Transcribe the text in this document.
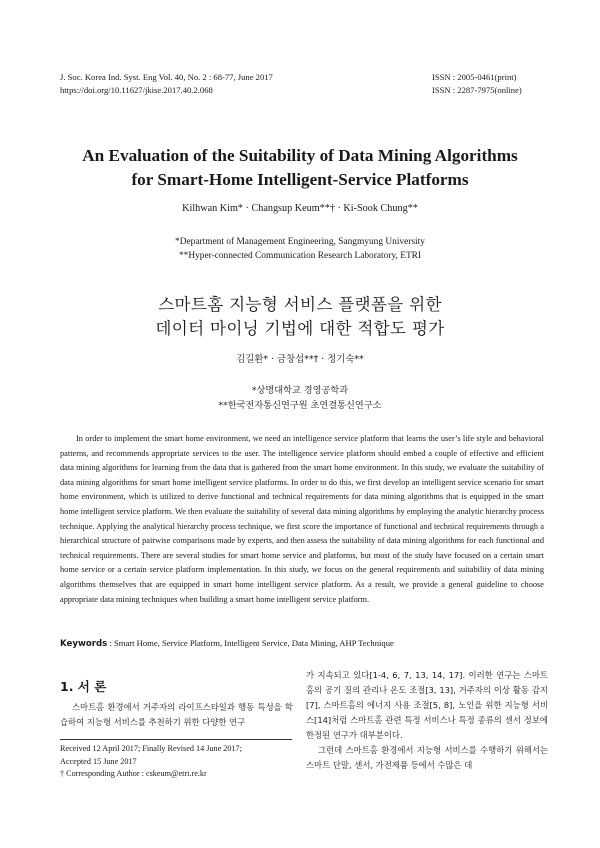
J. Soc. Korea Ind. Syst. Eng Vol. 40, No. 2 : 68-77, June 2017
https://doi.org/10.11627/jkise.2017.40.2.068
ISSN : 2005-0461(print)
ISSN : 2287-7975(online)
An Evaluation of the Suitability of Data Mining Algorithms
for Smart-Home Intelligent-Service Platforms
Kilhwan Kim* · Changsup Keum**† · Ki-Sook Chung**
*Department of Management Engineering, Sangmyung University
**Hyper-connected Communication Research Laboratory, ETRI
스마트홈 지능형 서비스 플랫폼을 위한
데이터 마이닝 기법에 대한 적합도 평가
김길환* · 금창섭**† · 정기숙**
*상명대학교 경영공학과
**한국전자통신연구원 초연결통신연구소

In order to implement the smart home environment, we need an intelligence service platform that learns the user’s life style and behavioral patterns, and recommends appropriate services to the user. The intelligence service platform should embed a couple of effective and efficient data mining algorithms for learning from the data that is gathered from the smart home environment. In this study, we evaluate the suitability of data mining algorithms for smart home intelligent service platforms. In order to do this, we first develop an intelligent service scenario for smart home environment, which is utilized to derive functional and technical requirements for data mining algorithms that is equipped in the smart home intelligent service platform. We then evaluate the suitability of several data mining algorithms by employing the analytic hierarchy process technique. Applying the analytical hierarchy process technique, we first score the importance of functional and technical requirements through a hierarchical structure of pairwise comparisons made by experts, and then assess the suitability of data mining algorithms for each functional and technical requirements. There are several studies for smart home service and platforms, but most of the study have focused on a certain smart home service or a certain service platform implementation. In this study, we focus on the general requirements and suitability of data mining algorithms themselves that are equipped in smart home intelligent service platform. As a result, we provide a general guideline to choose appropriate data mining techniques when building a smart home intelligent service platform.

Keywords : Smart Home, Service Platform, Intelligent Service, Data Mining, AHP Technique
1. 서 론

스마트홈 환경에서 거주자의 라이프스타일과 행동 특성을 학습하여 지능형 서비스를 추천하기 위한 다양한 연구

Received 12 April 2017; Finally Revised 14 June 2017;
Accepted 15 June 2017
† Corresponding Author : cskeum@etri.re.kr

가 지속되고 있다[1-4, 6, 7, 13, 14, 17]. 이러한 연구는 스마트홈의 공기 질의 관리나 온도 조절[3, 13], 거주자의 이상 활동 감지[7], 스마트홈의 에너지 사용 조절[5, 8], 노인을 위한 지능형 서비스[14]처럼 스마트홈 관련 특정 서비스나 특정 종류의 센서 정보에 한정된 연구가 대부분이다.

그런데 스마트홈 환경에서 지능형 서비스를 수행하기 위해서는 스마트 단말, 센서, 가전제품 등에서 수많은 데
